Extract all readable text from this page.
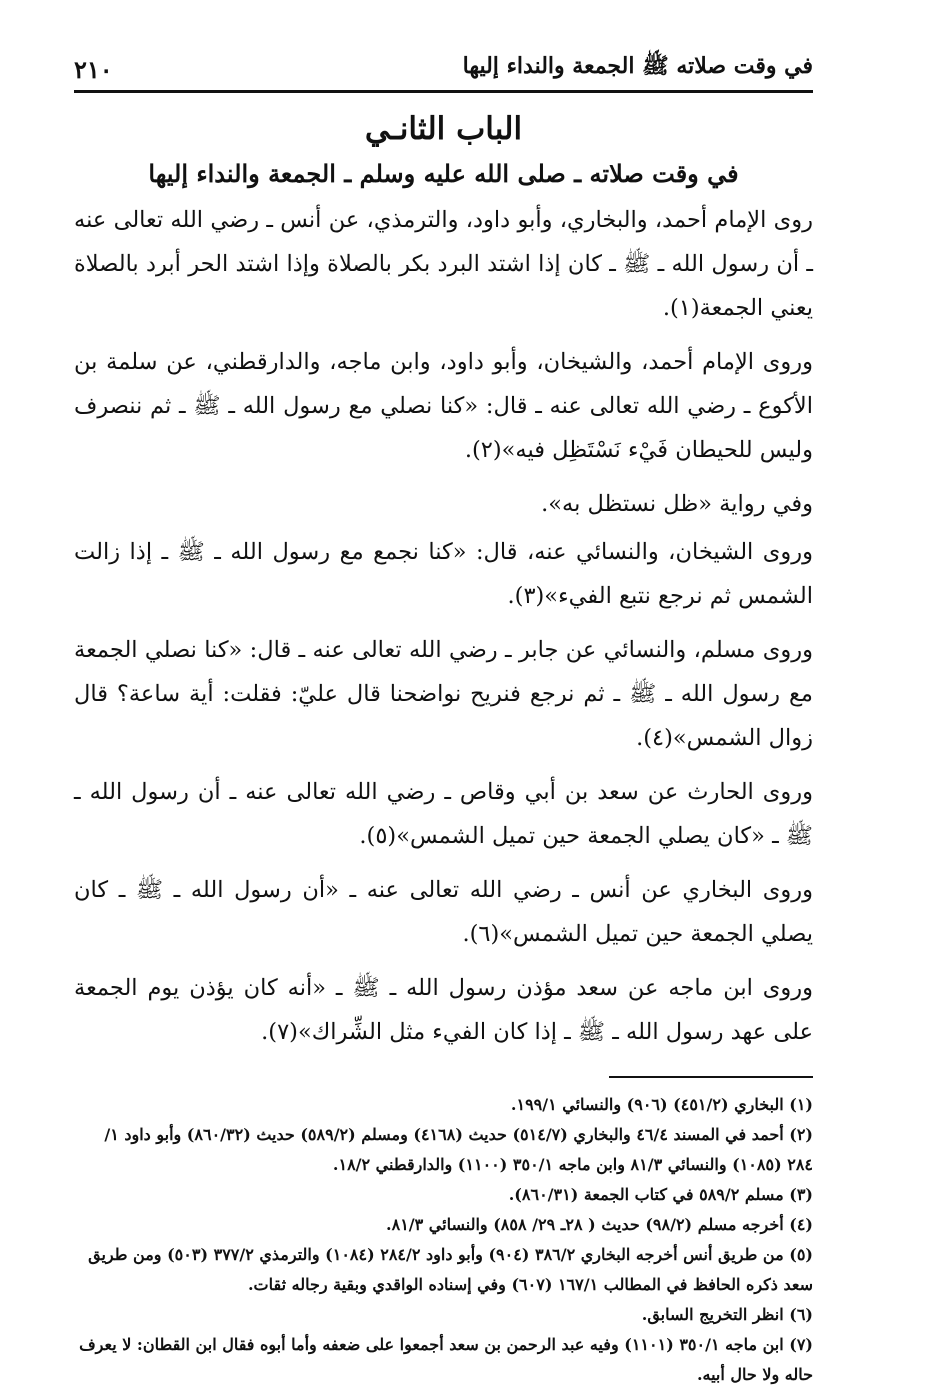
في وقت صلاته ﷺ الجمعة والنداء إليها
٢١٠
الباب الثانـي
في وقت صلاته ـ صلى الله عليه وسلم ـ الجمعة والنداء إليها

روى الإمام أحمد، والبخاري، وأبو داود، والترمذي، عن أنس ـ رضي الله تعالى عنه ـ أن رسول الله ـ ﷺ ـ كان إذا اشتد البرد بكر بالصلاة وإذا اشتد الحر أبرد بالصلاة يعني الجمعة(١).

وروى الإمام أحمد، والشيخان، وأبو داود، وابن ماجه، والدارقطني، عن سلمة بن الأكوع ـ رضي الله تعالى عنه ـ قال: «كنا نصلي مع رسول الله ـ ﷺ ـ ثم ننصرف وليس للحيطان فَيْء نَسْتَظِل فيه»(٢).

وفي رواية «ظل نستظل به».

وروى الشيخان، والنسائي عنه، قال: «كنا نجمع مع رسول الله ـ ﷺ ـ إذا زالت الشمس ثم نرجع نتبع الفيء»(٣).

وروى مسلم، والنسائي عن جابر ـ رضي الله تعالى عنه ـ قال: «كنا نصلي الجمعة مع رسول الله ـ ﷺ ـ ثم نرجع فنريح نواضحنا قال عليّ: فقلت: أية ساعة؟ قال زوال الشمس»(٤).

وروى الحارث عن سعد بن أبي وقاص ـ رضي الله تعالى عنه ـ أن رسول الله ـ ﷺ ـ «كان يصلي الجمعة حين تميل الشمس»(٥).

وروى البخاري عن أنس ـ رضي الله تعالى عنه ـ «أن رسول الله ـ ﷺ ـ كان يصلي الجمعة حين تميل الشمس»(٦).

وروى ابن ماجه عن سعد مؤذن رسول الله ـ ﷺ ـ «أنه كان يؤذن يوم الجمعة على عهد رسول الله ـ ﷺ ـ إذا كان الفيء مثل الشِّراك»(٧).

(١) البخاري (٤٥١/٢) (٩٠٦) والنسائي ١٩٩/١.

(٢) أحمد في المسند ٤٦/٤ والبخاري (٥١٤/٧) حديث (٤١٦٨) ومسلم (٥٨٩/٢) حديث (٨٦٠/٣٢) وأبو داود ١/ ٢٨٤ (١٠٨٥) والنسائي ٨١/٣ وابن ماجه ٣٥٠/١ (١١٠٠) والدارقطني ١٨/٢.

(٣) مسلم ٥٨٩/٢ في كتاب الجمعة (٨٦٠/٣١).

(٤) أخرجه مسلم (٩٨/٢) حديث ( ٢٨ـ ٢٩/ ٨٥٨) والنسائي ٨١/٣.

(٥) من طريق أنس أخرجه البخاري ٣٨٦/٢ (٩٠٤) وأبو داود ٢٨٤/٢ (١٠٨٤) والترمذي ٣٧٧/٢ (٥٠٣) ومن طريق سعد ذكره الحافظ في المطالب ١٦٧/١ (٦٠٧) وفي إسناده الواقدي وبقية رجاله ثقات.

(٦) انظر التخريج السابق.

(٧) ابن ماجه ٣٥٠/١ (١١٠١) وفيه عبد الرحمن بن سعد أجمعوا على ضعفه وأما أبوه فقال ابن القطان: لا يعرف حاله ولا حال أبيه.
